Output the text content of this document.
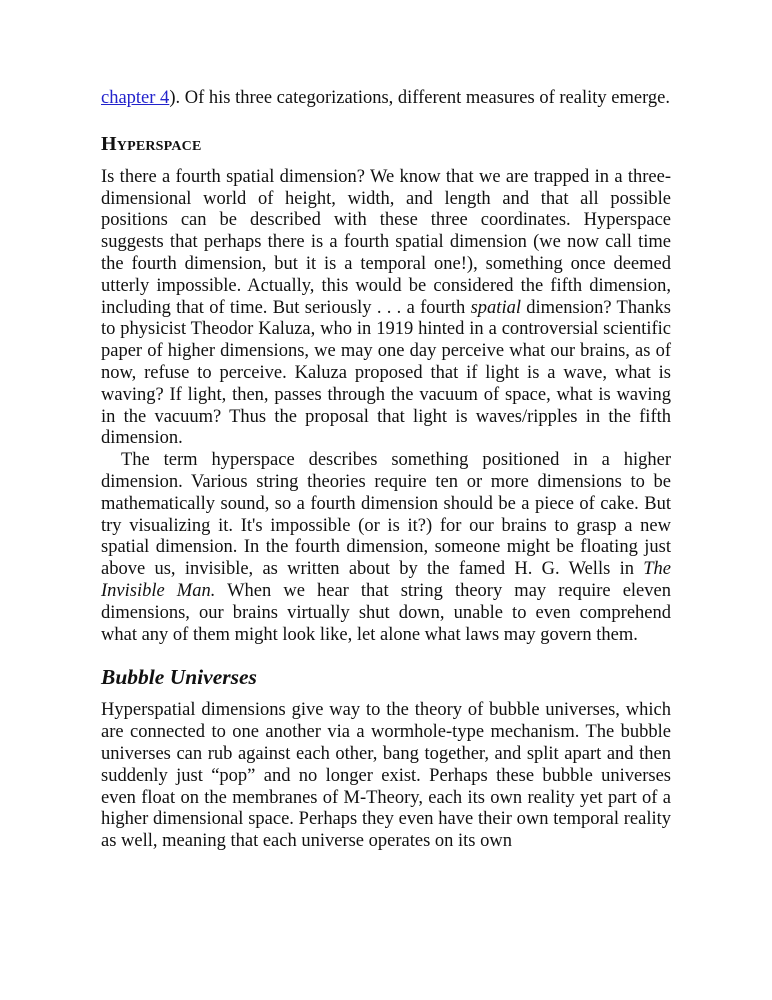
chapter 4). Of his three categorizations, different measures of reality emerge.

Hyperspace

Is there a fourth spatial dimension? We know that we are trapped in a three-dimensional world of height, width, and length and that all possible positions can be described with these three coordinates. Hyperspace suggests that perhaps there is a fourth spatial dimension (we now call time the fourth dimension, but it is a temporal one!), something once deemed utterly impossible. Actually, this would be considered the fifth dimension, including that of time. But seriously . . . a fourth spatial dimension? Thanks to physicist Theodor Kaluza, who in 1919 hinted in a controversial scientific paper of higher dimensions, we may one day perceive what our brains, as of now, refuse to perceive. Kaluza proposed that if light is a wave, what is waving? If light, then, passes through the vacuum of space, what is waving in the vacuum? Thus the proposal that light is waves/ripples in the fifth dimension.

The term hyperspace describes something positioned in a higher dimension. Various string theories require ten or more dimensions to be mathematically sound, so a fourth dimension should be a piece of cake. But try visualizing it. It's impossible (or is it?) for our brains to grasp a new spatial dimension. In the fourth dimension, someone might be floating just above us, invisible, as written about by the famed H. G. Wells in The Invisible Man. When we hear that string theory may require eleven dimensions, our brains virtually shut down, unable to even comprehend what any of them might look like, let alone what laws may govern them.

Bubble Universes

Hyperspatial dimensions give way to the theory of bubble universes, which are connected to one another via a wormhole-type mechanism. The bubble universes can rub against each other, bang together, and split apart and then suddenly just “pop” and no longer exist. Perhaps these bubble universes even float on the membranes of M-Theory, each its own reality yet part of a higher dimensional space. Perhaps they even have their own temporal reality as well, meaning that each universe operates on its own
